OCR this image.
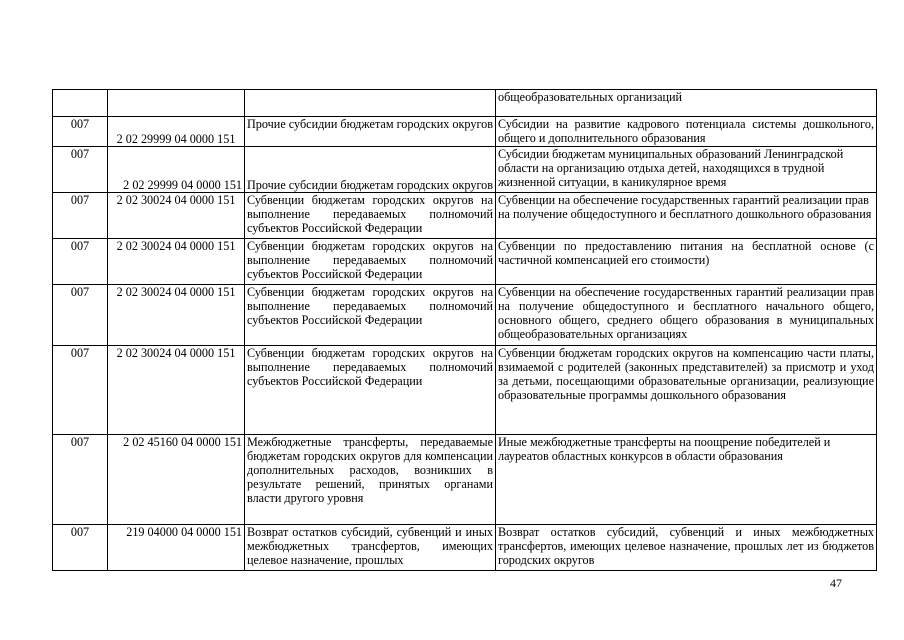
			общеобразовательных организаций
007	2 02 29999 04 0000 151	Прочие субсидии бюджетам городских округов	Субсидии на развитие кадрового потенциала системы дошкольного, общего и дополнительного образования
007	2 02 29999 04 0000 151	Прочие субсидии бюджетам городских округов	Субсидии бюджетам муниципальных образований Ленинградской области на организацию отдыха детей, находящихся в трудной жизненной ситуации, в каникулярное время
007	2 02 30024 04 0000 151	Субвенции бюджетам городских округов на выполнение передаваемых полномочий субъектов Российской Федерации	Субвенции на обеспечение государственных гарантий реализации прав на получение общедоступного и бесплатного дошкольного образования
007	2 02 30024 04 0000 151	Субвенции бюджетам городских округов на выполнение передаваемых полномочий субъектов Российской Федерации	Субвенции по предоставлению питания на бесплатной основе (с частичной компенсацией его стоимости)
007	2 02 30024 04 0000 151	Субвенции бюджетам городских округов на выполнение передаваемых полномочий субъектов Российской Федерации	Субвенции на обеспечение государственных гарантий реализации прав на получение общедоступного и бесплатного начального общего, основного общего, среднего общего образования в муниципальных общеобразовательных организациях
007	2 02 30024 04 0000 151	Субвенции бюджетам городских округов на выполнение передаваемых полномочий субъектов Российской Федерации	Субвенции бюджетам городских округов на компенсацию части платы, взимаемой с родителей (законных представителей) за присмотр и уход за детьми, посещающими образовательные организации, реализующие образовательные программы дошкольного образования
007	2 02 45160 04 0000 151	Межбюджетные трансферты, передаваемые бюджетам городских округов для компенсации дополнительных расходов, возникших в результате решений, принятых органами власти другого уровня	Иные межбюджетные трансферты на поощрение победителей и лауреатов областных конкурсов в области образования
007	219 04000 04 0000 151	Возврат остатков субсидий, субвенций и иных межбюджетных трансфертов, имеющих целевое назначение, прошлых	Возврат остатков субсидий, субвенций и иных межбюджетных трансфертов, имеющих целевое назначение, прошлых лет из бюджетов городских округов
47
